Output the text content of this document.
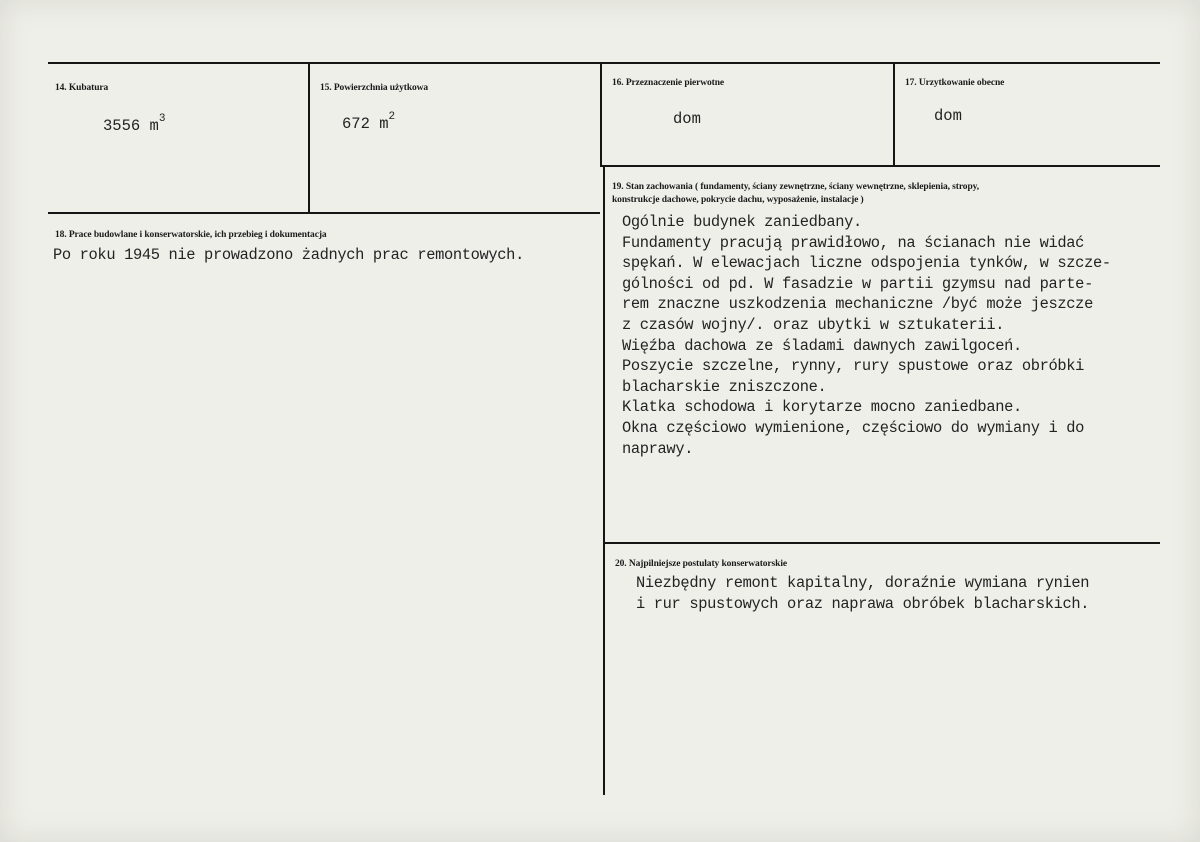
14. Kubatura
3556 $m^3$
15. Powierzchnia użytkowa
672 $m^2$
16. Przeznaczenie pierwotne
dom
17. Urzytkowanie obecne
dom
18. Prace budowlane i konserwatorskie, ich przebieg i dokumentacja
Po roku 1945 nie prowadzono żadnych prac remontowych.
19. Stan zachowania ( fundamenty, ściany zewnętrzne, ściany wewnętrzne, sklepienia, stropy,
konstrukcje dachowe, pokrycie dachu, wyposażenie, instalacje )
Ogólnie budynek zaniedbany.
Fundamenty pracują prawidłowo, na ścianach nie widać
spękań. W elewacjach liczne odspojenia tynków, w szcze-
gólności od pd. W fasadzie w partii gzymsu nad parte-
rem znaczne uszkodzenia mechaniczne /być może jeszcze
z czasów wojny/. oraz ubytki w sztukaterii.
Więźba dachowa ze śladami dawnych zawilgoceń.
Poszycie szczelne, rynny, rury spustowe oraz obróbki
blacharskie zniszczone.
Klatka schodowa i korytarze mocno zaniedbane.
Okna częściowo wymienione, częściowo do wymiany i do
naprawy.
20. Najpilniejsze postulaty konserwatorskie
Niezbędny remont kapitalny, doraźnie wymiana rynien
i rur spustowych oraz naprawa obróbek blacharskich.
